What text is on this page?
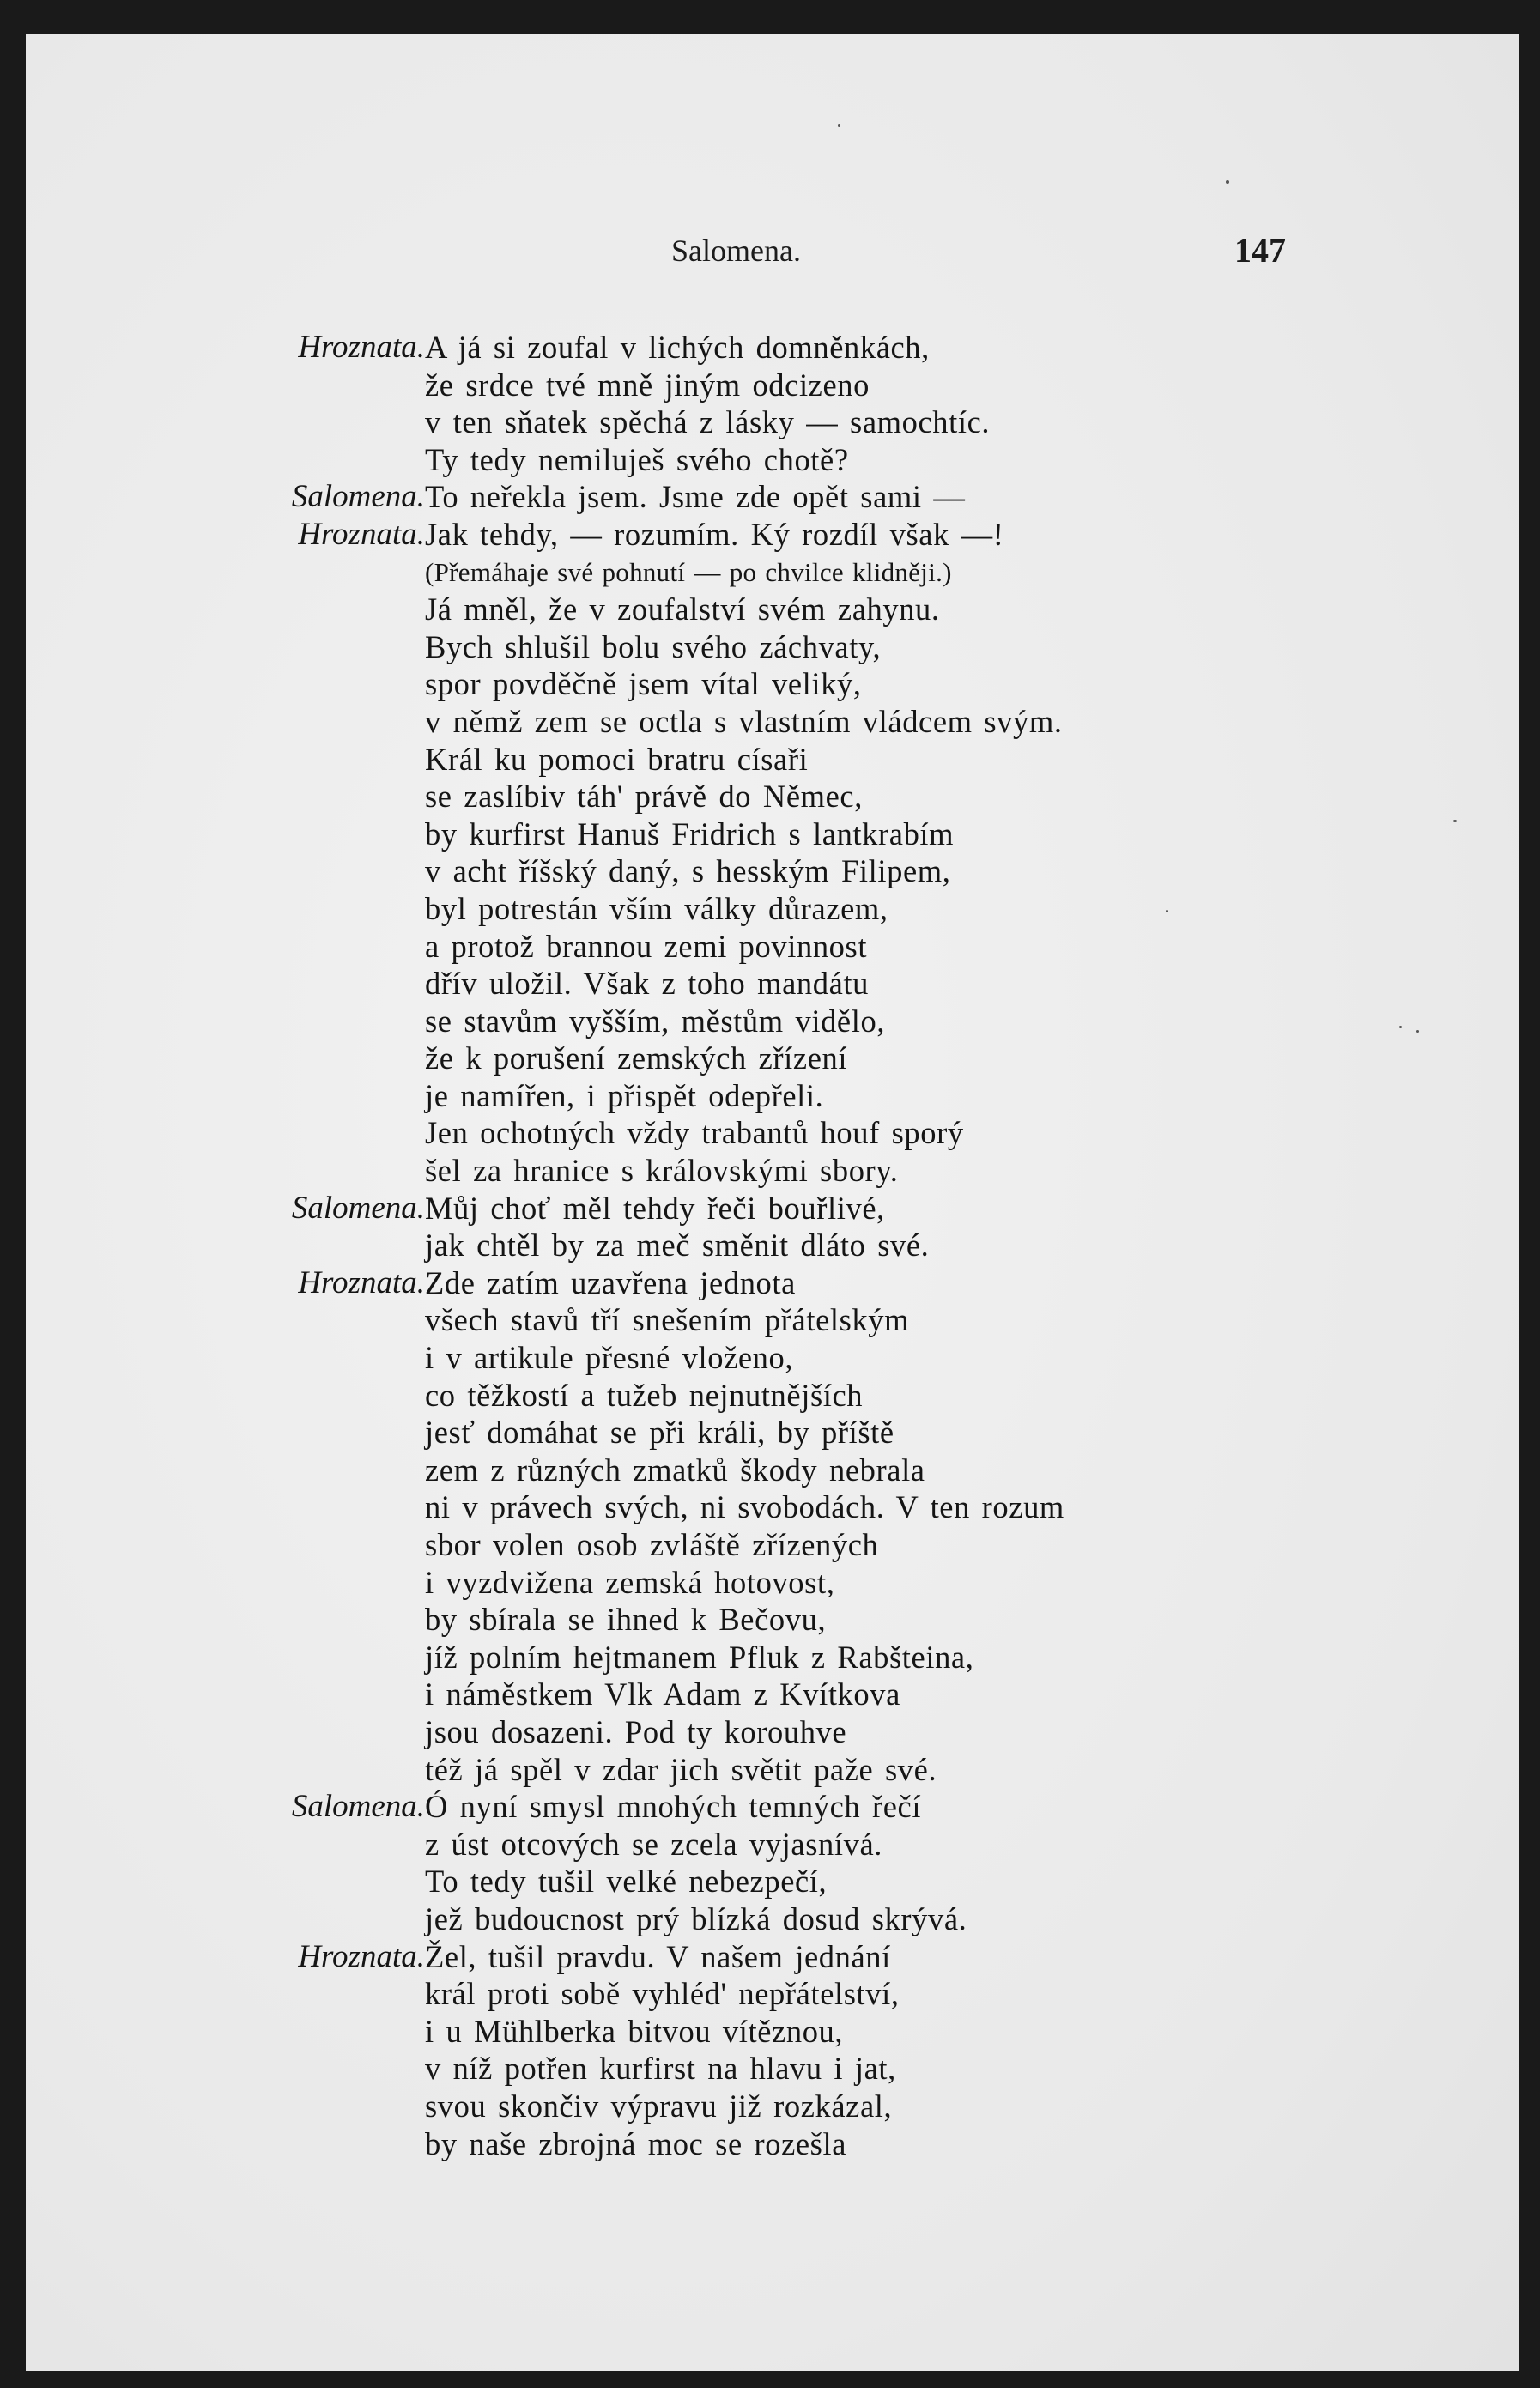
Salomena.	147
Hroznata. A já si zoufal v lichých domněnkách,
že srdce tvé mně jiným odcizeno
v ten sňatek spěchá z lásky — samochtíc.
Ty tedy nemiluješ svého chotě?
Salomena. To neřekla jsem. Jsme zde opět sami —
Hroznata. Jak tehdy, — rozumím. Ký rozdíl však —!
(Přemáhaje své pohnutí — po chvilce klidněji.)
Já mněl, že v zoufalství svém zahynu.
Bych shlušil bolu svého záchvaty,
spor povděčně jsem vítal veliký,
v němž zem se octla s vlastním vládcem svým.
Král ku pomoci bratru císaři
se zaslíbiv táh' právě do Němec,
by kurfirst Hanuš Fridrich s lantkrabím
v acht říšský daný, s hesským Filipem,
byl potrestán vším války důrazem,
a protož brannou zemi povinnost
dřív uložil. Však z toho mandátu
se stavům vyšším, městům vidělo,
že k porušení zemských zřízení
je namířen, i přispět odepřeli.
Jen ochotných vždy trabantů houf sporý
šel za hranice s královskými sbory.
Salomena. Můj choť měl tehdy řeči bouřlivé,
jak chtěl by za meč směnit dláto své.
Hroznata. Zde zatím uzavřena jednota
všech stavů tří snešením přátelským
i v artikule přesné vloženo,
co těžkostí a tužeb nejnutnějších
jesť domáhat se při králi, by příště
zem z různých zmatků škody nebrala
ni v právech svých, ni svobodách. V ten rozum
sbor volen osob zvláště zřízených
i vyzdvižena zemská hotovost,
by sbírala se ihned k Bečovu,
jíž polním hejtmanem Pfluk z Rabšteina,
i náměstkem Vlk Adam z Kvítkova
jsou dosazeni. Pod ty korouhve
též já spěl v zdar jich světit paže své.
Salomena. Ó nyní smysl mnohých temných řečí
z úst otcových se zcela vyjasnívá.
To tedy tušil velké nebezpečí,
jež budoucnost prý blízká dosud skrývá.
Hroznata. Žel, tušil pravdu. V našem jednání
král proti sobě vyhléd' nepřátelství,
i u Mühlberka bitvou vítěznou,
v níž potřen kurfirst na hlavu i jat,
svou skončiv výpravu již rozkázal,
by naše zbrojná moc se rozešla
